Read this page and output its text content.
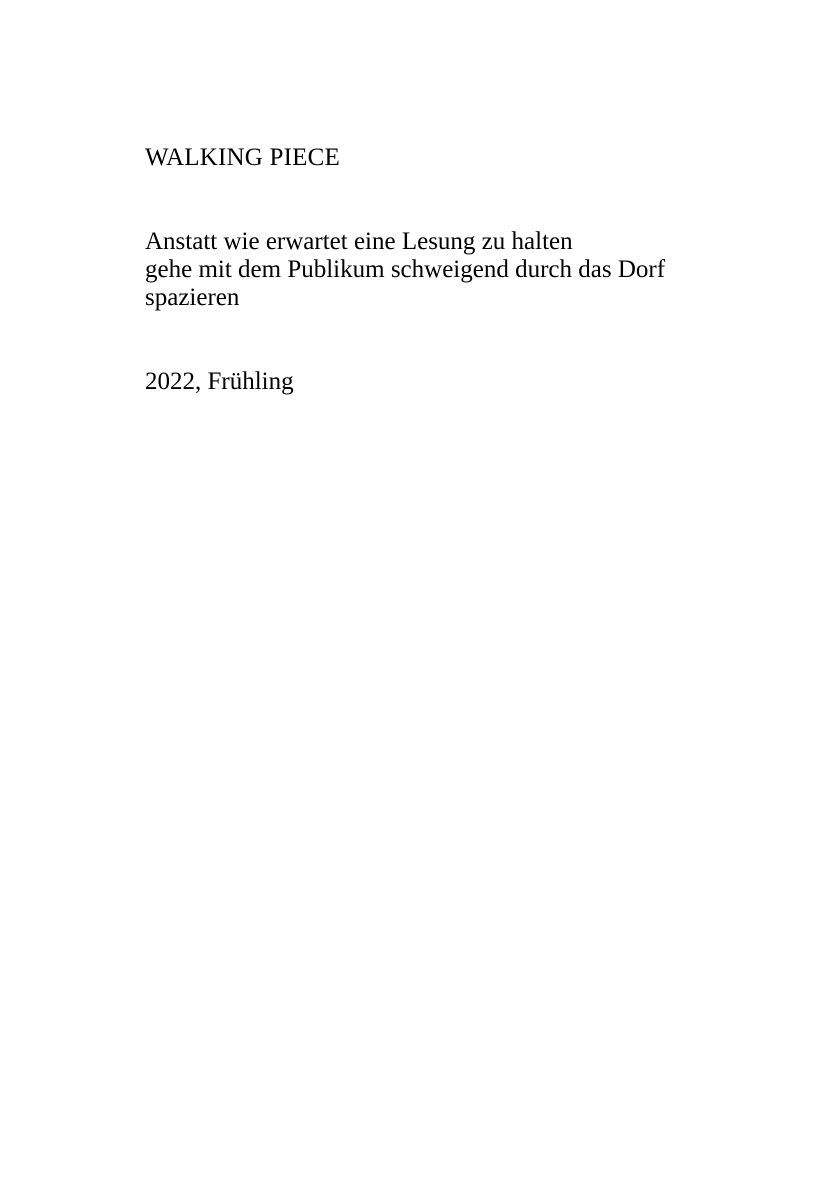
WALKING PIECE

Anstatt wie erwartet eine Lesung zu halten

gehe mit dem Publikum schweigend durch das Dorf

spazieren

2022, Frühling
